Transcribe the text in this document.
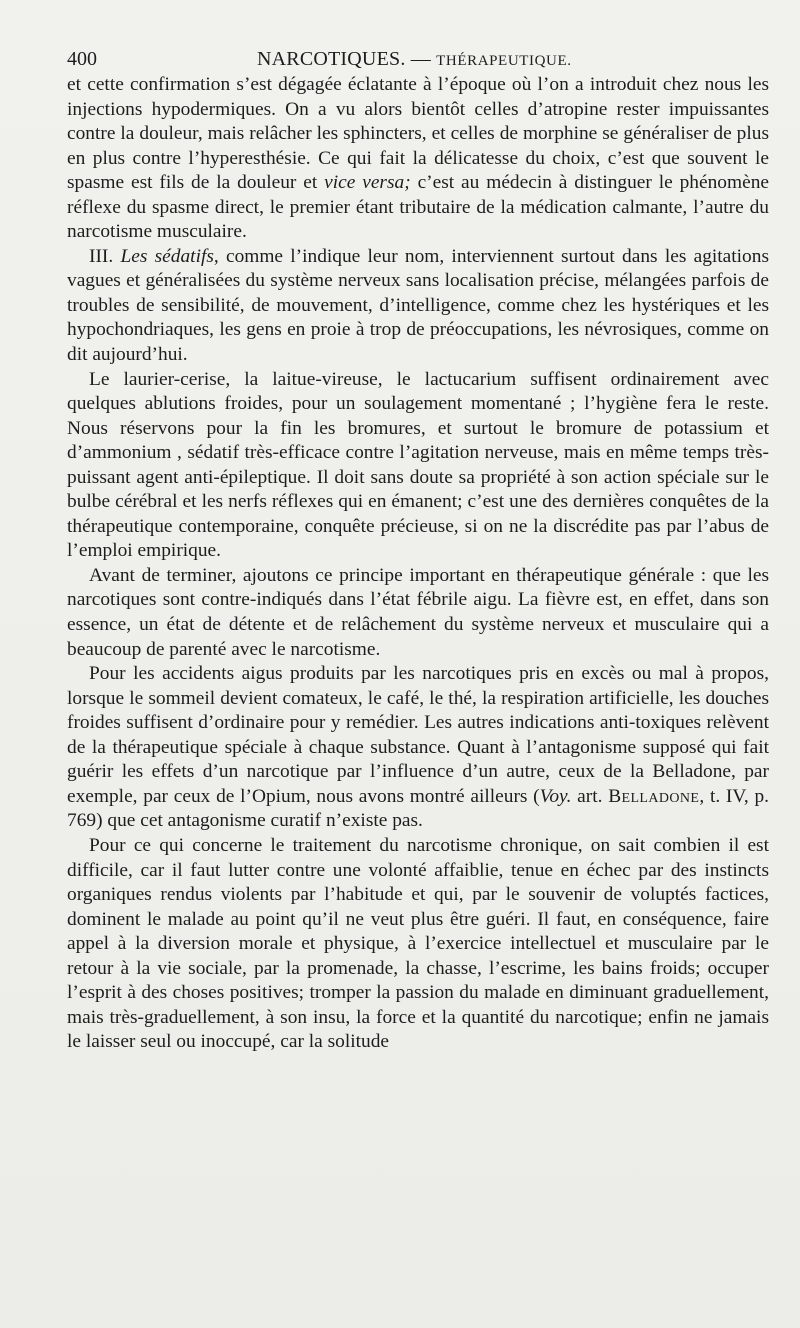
400	NARCOTIQUES. — THÉRAPEUTIQUE.

et cette confirmation s’est dégagée éclatante à l’époque où l’on a introduit chez nous les injections hypodermiques. On a vu alors bientôt celles d’atropine rester impuissantes contre la douleur, mais relâcher les sphincters, et celles de morphine se généraliser de plus en plus contre l’hyperesthésie. Ce qui fait la délicatesse du choix, c’est que souvent le spasme est fils de la douleur et vice versa; c’est au médecin à distinguer le phénomène réflexe du spasme direct, le premier étant tributaire de la médication calmante, l’autre du narcotisme musculaire.

III. Les sédatifs, comme l’indique leur nom, interviennent surtout dans les agitations vagues et généralisées du système nerveux sans localisation précise, mélangées parfois de troubles de sensibilité, de mouvement, d’intelligence, comme chez les hystériques et les hypochondriaques, les gens en proie à trop de préoccupations, les névrosiques, comme on dit aujourd’hui.

Le laurier-cerise, la laitue-vireuse, le lactucarium suffisent ordinairement avec quelques ablutions froides, pour un soulagement momentané ; l’hygiène fera le reste. Nous réservons pour la fin les bromures, et surtout le bromure de potassium et d’ammonium , sédatif très-efficace contre l’agitation nerveuse, mais en même temps très-puissant agent anti-épileptique. Il doit sans doute sa propriété à son action spéciale sur le bulbe cérébral et les nerfs réflexes qui en émanent; c’est une des dernières conquêtes de la thérapeutique contemporaine, conquête précieuse, si on ne la discrédite pas par l’abus de l’emploi empirique.

Avant de terminer, ajoutons ce principe important en thérapeutique générale : que les narcotiques sont contre-indiqués dans l’état fébrile aigu. La fièvre est, en effet, dans son essence, un état de détente et de relâchement du système nerveux et musculaire qui a beaucoup de parenté avec le narcotisme.

Pour les accidents aigus produits par les narcotiques pris en excès ou mal à propos, lorsque le sommeil devient comateux, le café, le thé, la respiration artificielle, les douches froides suffisent d’ordinaire pour y remédier. Les autres indications anti-toxiques relèvent de la thérapeutique spéciale à chaque substance. Quant à l’antagonisme supposé qui fait guérir les effets d’un narcotique par l’influence d’un autre, ceux de la Belladone, par exemple, par ceux de l’Opium, nous avons montré ailleurs (Voy. art. Belladone, t. IV, p. 769) que cet antagonisme curatif n’existe pas.

Pour ce qui concerne le traitement du narcotisme chronique, on sait combien il est difficile, car il faut lutter contre une volonté affaiblie, tenue en échec par des instincts organiques rendus violents par l’habitude et qui, par le souvenir de voluptés factices, dominent le malade au point qu’il ne veut plus être guéri. Il faut, en conséquence, faire appel à la diversion morale et physique, à l’exercice intellectuel et musculaire par le retour à la vie sociale, par la promenade, la chasse, l’escrime, les bains froids; occuper l’esprit à des choses positives; tromper la passion du malade en diminuant graduellement, mais très-graduellement, à son insu, la force et la quantité du narcotique; enfin ne jamais le laisser seul ou inoccupé, car la solitude
